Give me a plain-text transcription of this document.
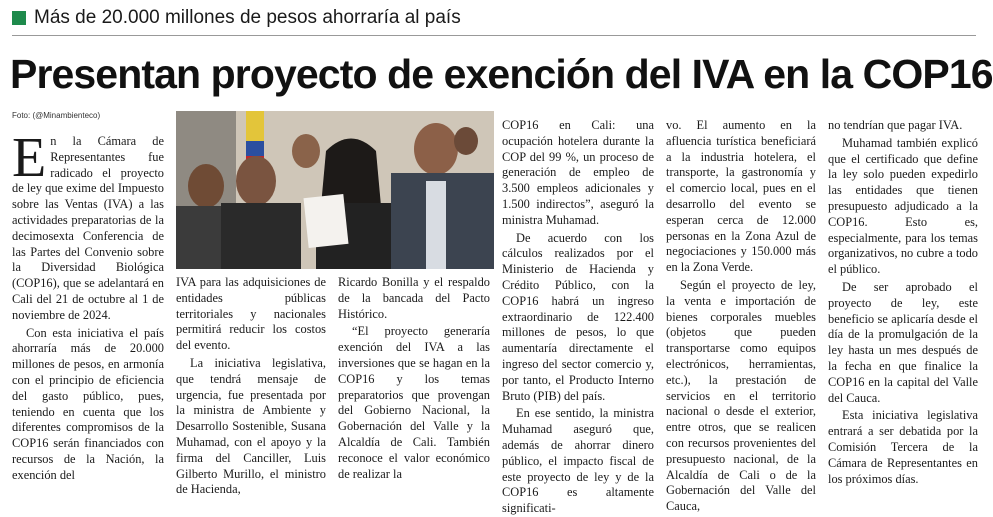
Más de 20.000 millones de pesos ahorraría al país
Presentan proyecto de exención del IVA en la COP16
Foto: (@Minambienteco)

En la Cámara de Representantes fue radicado el proyecto de ley que exime del Impuesto sobre las Ventas (IVA) a las actividades preparatorias de la decimosexta Conferencia de las Partes del Convenio sobre la Diversidad Biológica (COP16), que se adelantará en Cali del 21 de octubre al 1 de noviembre de 2024.

Con esta iniciativa el país ahorraría más de 20.000 millones de pesos, en armonía con el principio de eficiencia del gasto público, pues, teniendo en cuenta que los diferentes compromisos de la COP16 serán financiados con recursos de la Nación, la exención del

IVA para las adquisiciones de entidades públicas territoriales y nacionales permitirá reducir los costos del evento.

La iniciativa legislativa, que tendrá mensaje de urgencia, fue presentada por la ministra de Ambiente y Desarrollo Sostenible, Susana Muhamad, con el apoyo y la firma del Canciller, Luis Gilberto Murillo, el ministro de Hacienda,

Ricardo Bonilla y el respaldo de la bancada del Pacto Histórico.

“El proyecto generaría exención del IVA a las inversiones que se hagan en la COP16 y los temas preparatorios que provengan del Gobierno Nacional, la Gobernación del Valle y la Alcaldía de Cali. También reconoce el valor económico de realizar la

COP16 en Cali: una ocupación hotelera durante la COP del 99 %, un proceso de generación de empleo de 3.500 empleos adicionales y 1.500 indirectos”, aseguró la ministra Muhamad.

De acuerdo con los cálculos realizados por el Ministerio de Hacienda y Crédito Público, con la COP16 habrá un ingreso extraordinario de 122.400 millones de pesos, lo que aumentaría directamente el ingreso del sector comercio y, por tanto, el Producto Interno Bruto (PIB) del país.

En ese sentido, la ministra Muhamad aseguró que, además de ahorrar dinero público, el impacto fiscal de este proyecto de ley y de la COP16 es altamente significati-

vo. El aumento en la afluencia turística beneficiará a la industria hotelera, el transporte, la gastronomía y el comercio local, pues en el desarrollo del evento se esperan cerca de 12.000 personas en la Zona Azul de negociaciones y 150.000 más en la Zona Verde.

Según el proyecto de ley, la venta e importación de bienes corporales muebles (objetos que pueden transportarse como equipos electrónicos, herramientas, etc.), la prestación de servicios en el territorio nacional o desde el exterior, entre otros, que se realicen con recursos provenientes del presupuesto nacional, de la Alcaldía de Cali o de la Gobernación del Valle del Cauca,

no tendrían que pagar IVA.

Muhamad también explicó que el certificado que define la ley solo pueden expedirlo las entidades que tienen presupuesto adjudicado a la COP16. Esto es, especialmente, para los temas organizativos, no cubre a todo el público.

De ser aprobado el proyecto de ley, este beneficio se aplicaría desde el día de la promulgación de la ley hasta un mes después de la fecha en que finalice la COP16 en la capital del Valle del Cauca.

Esta iniciativa legislativa entrará a ser debatida por la Comisión Tercera de la Cámara de Representantes en los próximos días.
